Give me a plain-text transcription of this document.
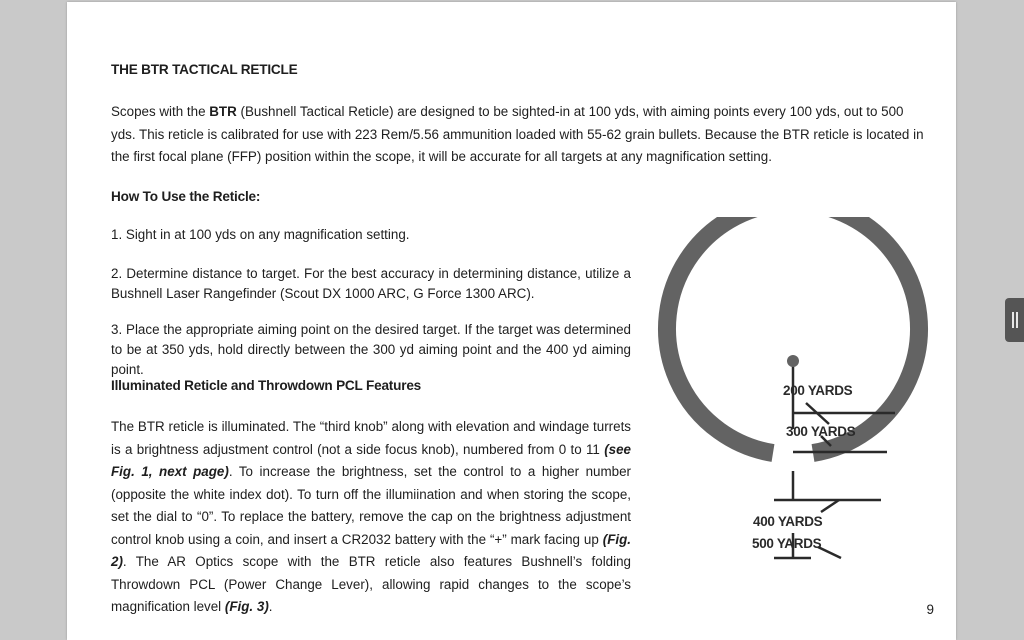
THE BTR TACTICAL RETICLE
Scopes with the BTR (Bushnell Tactical Reticle) are designed to be sighted-in at 100 yds, with aiming points every 100 yds, out to 500 yds. This reticle is calibrated for use with 223 Rem/5.56 ammunition loaded with 55-62 grain bullets. Because the BTR reticle is located in the first focal plane (FFP) position within the scope, it will be accurate for all targets at any magnification setting.
How To Use the Reticle:
1. Sight in at 100 yds on any magnification setting.
2. Determine distance to target. For the best accuracy in determining distance, utilize a Bushnell Laser Rangefinder (Scout DX 1000 ARC, G Force 1300 ARC).
3. Place the appropriate aiming point on the desired target. If the target was determined to be at 350 yds, hold directly between the 300 yd aiming point and the 400 yd aiming point.
Illuminated Reticle and Throwdown PCL Features
The BTR reticle is illuminated. The “third knob” along with elevation and windage turrets is a brightness adjustment control (not a side focus knob), numbered from 0 to 11 (see Fig. 1, next page). To increase the brightness, set the control to a higher number (opposite the white index dot). To turn off the illumiination and when storing the scope, set the dial to “0”. To replace the battery, remove the cap on the brightness adjustment control knob using a coin, and insert a CR2032 battery with the “+” mark facing up (Fig. 2). The AR Optics scope with the BTR reticle also features Bushnell’s folding Throwdown PCL (Power Change Lever), allowing rapid changes to the scope’s magnification level (Fig. 3).	9
200 YARDS
300 YARDS
400 YARDS
500 YARDS
